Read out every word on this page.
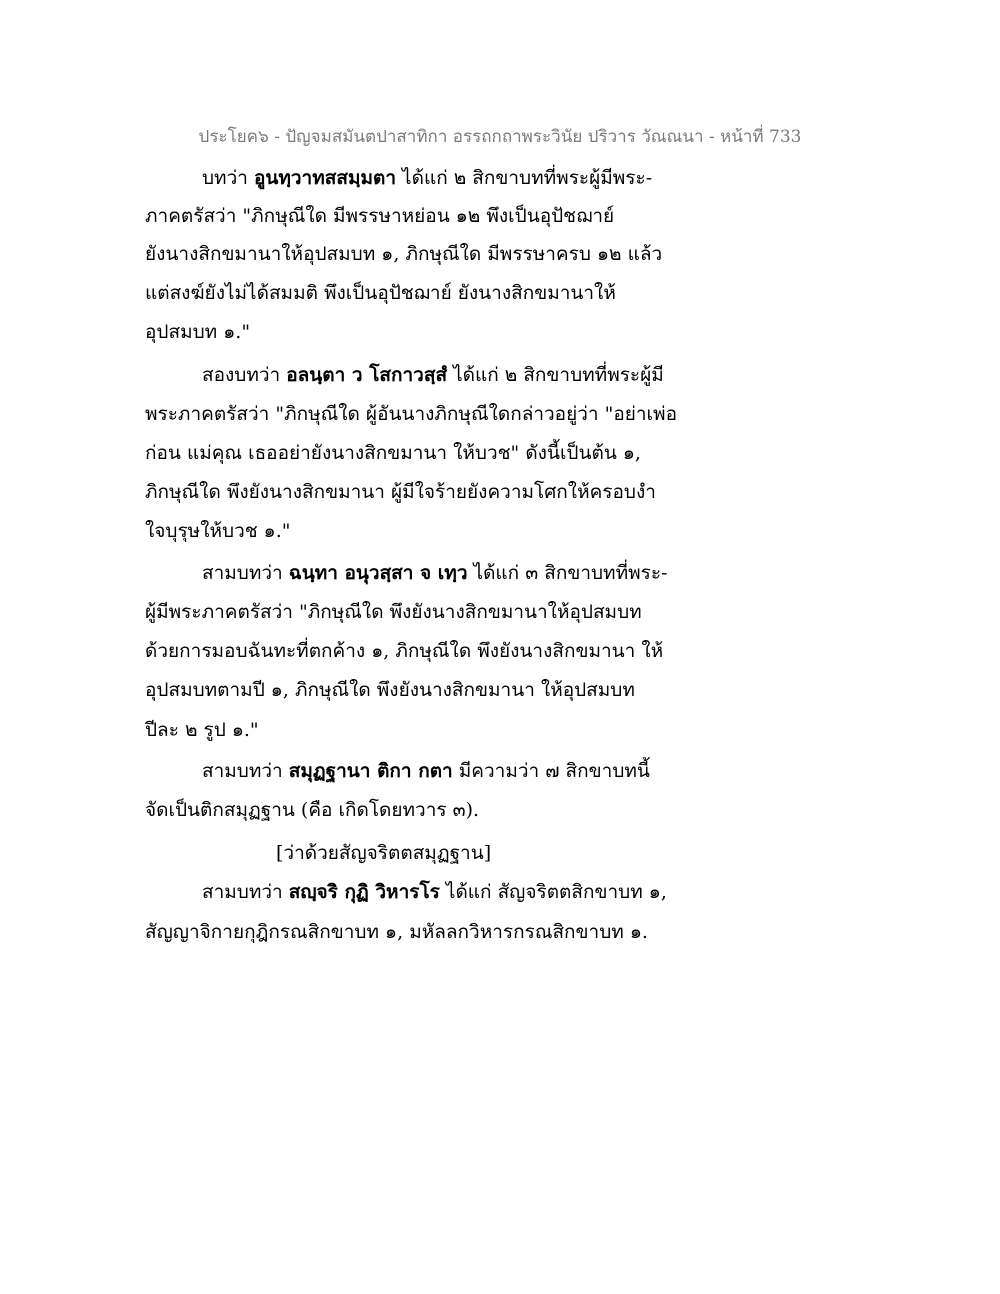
ประโยค๖ - ปัญจมสมันตปาสาทิกา อรรถกถาพระวินัย ปริวาร วัณณนา - หน้าที่ 733
บทว่า อูนทฺวาทสสมฺมตา ได้แก่ ๒ สิกขาบทที่พระผู้มีพระ-
ภาคตรัสว่า "ภิกษุณีใด มีพรรษาหย่อน ๑๒ พึงเป็นอุปัชฌาย์
ยังนางสิกขมานาให้อุปสมบท ๑, ภิกษุณีใด มีพรรษาครบ ๑๒ แล้ว
แต่สงฆ์ยังไม่ได้สมมติ พึงเป็นอุปัชฌาย์ ยังนางสิกขมานาให้
อุปสมบท ๑."
สองบทว่า อลนฺตา ว โสกาวสฺสํ ได้แก่ ๒ สิกขาบทที่พระผู้มี
พระภาคตรัสว่า "ภิกษุณีใด ผู้อันนางภิกษุณีใดกล่าวอยู่ว่า "อย่าเพ่อ
ก่อน แม่คุณ เธออย่ายังนางสิกขมานา ให้บวช" ดังนี้เป็นต้น ๑,
ภิกษุณีใด พึงยังนางสิกขมานา ผู้มีใจร้ายยังความโศกให้ครอบงำ
ใจบุรุษให้บวช ๑."
สามบทว่า ฉนฺทา อนุวสฺสา จ เทฺว ได้แก่ ๓ สิกขาบทที่พระ-
ผู้มีพระภาคตรัสว่า "ภิกษุณีใด พึงยังนางสิกขมานาให้อุปสมบท
ด้วยการมอบฉันทะที่ตกค้าง ๑, ภิกษุณีใด พึงยังนางสิกขมานา ให้
อุปสมบทตามปี ๑, ภิกษุณีใด พึงยังนางสิกขมานา ให้อุปสมบท
ปีละ ๒ รูป ๑."
สามบทว่า สมุฏฐานา ติกา กตา มีความว่า ๗ สิกขาบทนี้
จัดเป็นติกสมุฏฐาน (คือ เกิดโดยทวาร ๓).
[ว่าด้วยสัญจริตตสมุฏฐาน]
สามบทว่า สญฺจริ กุฏิ วิหารโร ได้แก่ สัญจริตตสิกขาบท ๑,
สัญญาจิกายกุฎิกรณสิกขาบท ๑, มหัลลกวิหารกรณสิกขาบท ๑.
